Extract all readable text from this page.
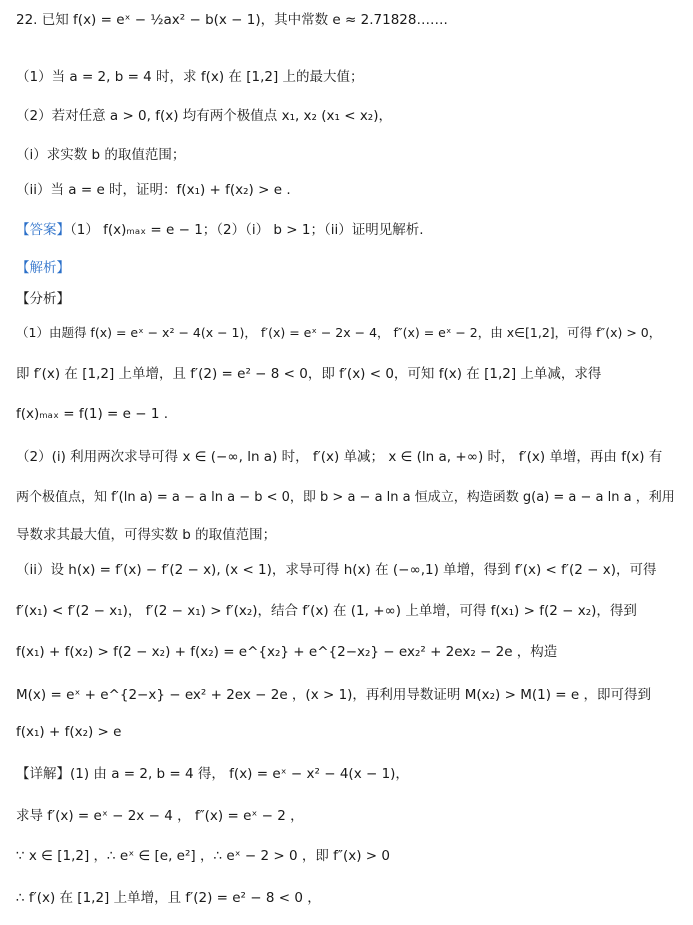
22. 已知 f(x) = eˣ − ½ax² − b(x − 1)，其中常数 e ≈ 2.71828…….
（1）当 a = 2, b = 4 时，求 f(x) 在 [1,2] 上的最大值；
（2）若对任意 a > 0, f(x) 均有两个极值点 x₁, x₂ (x₁ < x₂)，
（i）求实数 b 的取值范围；
（ii）当 a = e 时，证明：f(x₁) + f(x₂) > e .
【答案】（1） f(x)ₘₐₓ = e − 1；（2）（i） b > 1；（ii）证明见解析.
【解析】
【分析】
（1）由题得 f(x) = eˣ − x² − 4(x − 1)， f′(x) = eˣ − 2x − 4， f″(x) = eˣ − 2，由 x∈[1,2]，可得 f″(x) > 0，
即 f′(x) 在 [1,2] 上单增，且 f′(2) = e² − 8 < 0，即 f′(x) < 0，可知 f(x) 在 [1,2] 上单减，求得
f(x)ₘₐₓ = f(1) = e − 1 .
（2）(i) 利用两次求导可得 x ∈ (−∞, ln a) 时， f′(x) 单减； x ∈ (ln a, +∞) 时， f′(x) 单增，再由 f(x) 有
两个极值点，知 f′(ln a) = a − a ln a − b < 0，即 b > a − a ln a 恒成立，构造函数 g(a) = a − a ln a ，利用
导数求其最大值，可得实数 b 的取值范围；
（ii）设 h(x) = f′(x) − f′(2 − x), (x < 1)，求导可得 h(x) 在 (−∞,1) 单增，得到 f′(x) < f′(2 − x)，可得
f′(x₁) < f′(2 − x₁)， f′(2 − x₁) > f′(x₂)，结合 f′(x) 在 (1, +∞) 上单增，可得 f(x₁) > f(2 − x₂)，得到
f(x₁) + f(x₂) > f(2 − x₂) + f(x₂) = e^{x₂} + e^{2−x₂} − ex₂² + 2ex₂ − 2e ，构造
M(x) = eˣ + e^{2−x} − ex² + 2ex − 2e ，(x > 1)，再利用导数证明 M(x₂) > M(1) = e ，即可得到
f(x₁) + f(x₂) > e
【详解】(1) 由 a = 2, b = 4 得， f(x) = eˣ − x² − 4(x − 1)，
求导 f′(x) = eˣ − 2x − 4 ， f″(x) = eˣ − 2 ，
∵ x ∈ [1,2] ，∴ eˣ ∈ [e, e²] ，∴ eˣ − 2 > 0 ，即 f″(x) > 0
∴ f′(x) 在 [1,2] 上单增，且 f′(2) = e² − 8 < 0 ，
